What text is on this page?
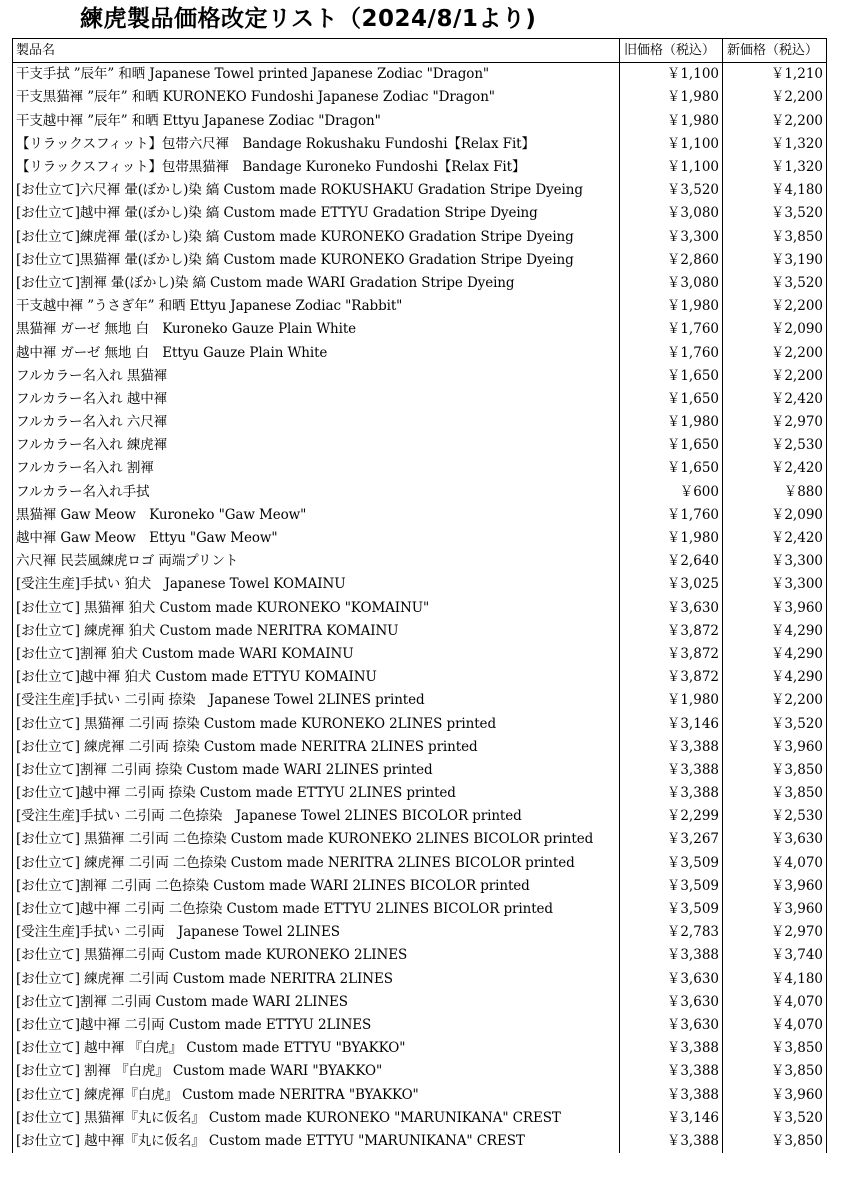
練虎製品価格改定リスト（2024/8/1より)
製品名	旧価格（税込）	新価格（税込）
干支手拭 ”辰年” 和晒 Japanese Towel printed Japanese Zodiac "Dragon"	￥1,100	￥1,210
干支黒猫褌 ”辰年” 和晒 KURONEKO Fundoshi Japanese Zodiac "Dragon"	￥1,980	￥2,200
干支越中褌 ”辰年” 和晒 Ettyu Japanese Zodiac "Dragon"	￥1,980	￥2,200
【リラックスフィット】包帯六尺褌　Bandage Rokushaku Fundoshi【Relax Fit】	￥1,100	￥1,320
【リラックスフィット】包帯黒猫褌　Bandage Kuroneko Fundoshi【Relax Fit】	￥1,100	￥1,320
[お仕立て]六尺褌 暈(ぼかし)染 縞 Custom made ROKUSHAKU Gradation Stripe Dyeing	￥3,520	￥4,180
[お仕立て]越中褌 暈(ぼかし)染 縞 Custom made ETTYU Gradation Stripe Dyeing	￥3,080	￥3,520
[お仕立て]練虎褌 暈(ぼかし)染 縞 Custom made KURONEKO Gradation Stripe Dyeing	￥3,300	￥3,850
[お仕立て]黒猫褌 暈(ぼかし)染 縞 Custom made KURONEKO Gradation Stripe Dyeing	￥2,860	￥3,190
[お仕立て]割褌 暈(ぼかし)染 縞 Custom made WARI Gradation Stripe Dyeing	￥3,080	￥3,520
干支越中褌 ”うさぎ年” 和晒 Ettyu Japanese Zodiac "Rabbit"	￥1,980	￥2,200
黒猫褌 ガーゼ 無地 白　Kuroneko Gauze Plain White	￥1,760	￥2,090
越中褌 ガーゼ 無地 白　Ettyu Gauze Plain White	￥1,760	￥2,200
フルカラー名入れ 黒猫褌	￥1,650	￥2,200
フルカラー名入れ 越中褌	￥1,650	￥2,420
フルカラー名入れ 六尺褌	￥1,980	￥2,970
フルカラー名入れ 練虎褌	￥1,650	￥2,530
フルカラー名入れ 割褌	￥1,650	￥2,420
フルカラー名入れ手拭	￥600	￥880
黒猫褌 Gaw Meow　Kuroneko "Gaw Meow"	￥1,760	￥2,090
越中褌 Gaw Meow　Ettyu "Gaw Meow"	￥1,980	￥2,420
六尺褌 民芸風練虎ロゴ 両端プリント	￥2,640	￥3,300
[受注生産]手拭い 狛犬　Japanese Towel KOMAINU	￥3,025	￥3,300
[お仕立て] 黒猫褌 狛犬 Custom made KURONEKO "KOMAINU"	￥3,630	￥3,960
[お仕立て] 練虎褌 狛犬 Custom made NERITRA KOMAINU	￥3,872	￥4,290
[お仕立て]割褌 狛犬 Custom made WARI KOMAINU	￥3,872	￥4,290
[お仕立て]越中褌 狛犬 Custom made ETTYU KOMAINU	￥3,872	￥4,290
[受注生産]手拭い 二引両 捺染　Japanese Towel 2LINES printed	￥1,980	￥2,200
[お仕立て] 黒猫褌 二引両 捺染 Custom made KURONEKO 2LINES printed	￥3,146	￥3,520
[お仕立て] 練虎褌 二引両 捺染 Custom made NERITRA 2LINES printed	￥3,388	￥3,960
[お仕立て]割褌 二引両 捺染 Custom made WARI 2LINES printed	￥3,388	￥3,850
[お仕立て]越中褌 二引両 捺染 Custom made ETTYU 2LINES printed	￥3,388	￥3,850
[受注生産]手拭い 二引両 二色捺染　Japanese Towel 2LINES BICOLOR printed	￥2,299	￥2,530
[お仕立て] 黒猫褌 二引両 二色捺染 Custom made KURONEKO 2LINES BICOLOR printed	￥3,267	￥3,630
[お仕立て] 練虎褌 二引両 二色捺染 Custom made NERITRA 2LINES BICOLOR printed	￥3,509	￥4,070
[お仕立て]割褌 二引両 二色捺染 Custom made WARI 2LINES BICOLOR printed	￥3,509	￥3,960
[お仕立て]越中褌 二引両 二色捺染 Custom made ETTYU 2LINES BICOLOR printed	￥3,509	￥3,960
[受注生産]手拭い 二引両　Japanese Towel 2LINES	￥2,783	￥2,970
[お仕立て] 黒猫褌二引両 Custom made KURONEKO 2LINES	￥3,388	￥3,740
[お仕立て] 練虎褌 二引両 Custom made NERITRA 2LINES	￥3,630	￥4,180
[お仕立て]割褌 二引両 Custom made WARI 2LINES	￥3,630	￥4,070
[お仕立て]越中褌 二引両 Custom made ETTYU 2LINES	￥3,630	￥4,070
[お仕立て] 越中褌 『白虎』 Custom made ETTYU "BYAKKO"	￥3,388	￥3,850
[お仕立て] 割褌 『白虎』 Custom made WARI "BYAKKO"	￥3,388	￥3,850
[お仕立て] 練虎褌『白虎』 Custom made NERITRA "BYAKKO"	￥3,388	￥3,960
[お仕立て] 黒猫褌『丸に仮名』 Custom made KURONEKO "MARUNIKANA" CREST	￥3,146	￥3,520
[お仕立て] 越中褌『丸に仮名』 Custom made ETTYU "MARUNIKANA" CREST	￥3,388	￥3,850
